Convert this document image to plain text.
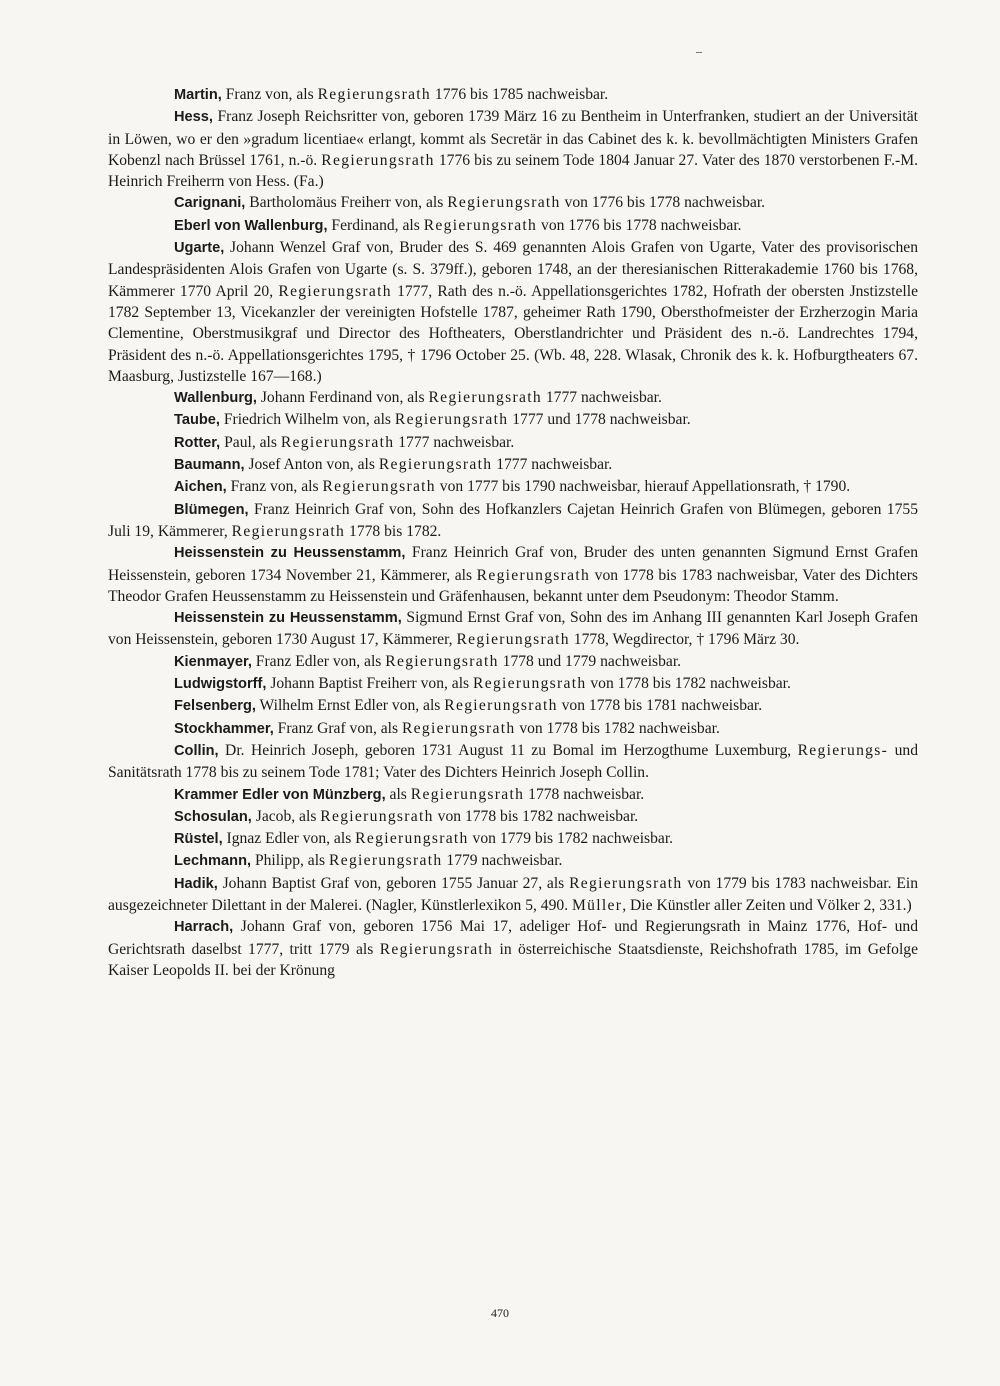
Martin, Franz von, als Regierungsrath 1776 bis 1785 nachweisbar.

Hess, Franz Joseph Reichsritter von, geboren 1739 März 16 zu Bentheim in Unterfranken, studiert an der Universität in Löwen, wo er den »gradum licentiae« erlangt, kommt als Secretär in das Cabinet des k. k. bevollmächtigten Ministers Grafen Kobenzl nach Brüssel 1761, n.-ö. Regierungsrath 1776 bis zu seinem Tode 1804 Januar 27. Vater des 1870 verstorbenen F.-M. Heinrich Freiherrn von Hess. (Fa.)

Carignani, Bartholomäus Freiherr von, als Regierungsrath von 1776 bis 1778 nachweisbar.

Eberl von Wallenburg, Ferdinand, als Regierungsrath von 1776 bis 1778 nachweisbar.

Ugarte, Johann Wenzel Graf von, Bruder des S. 469 genannten Alois Grafen von Ugarte, Vater des provisorischen Landespräsidenten Alois Grafen von Ugarte (s. S. 379ff.), geboren 1748, an der theresianischen Ritterakademie 1760 bis 1768, Kämmerer 1770 April 20, Regierungsrath 1777, Rath des n.-ö. Appellationsgerichtes 1782, Hofrath der obersten Jnstizstelle 1782 September 13, Vicekanzler der vereinigten Hofstelle 1787, geheimer Rath 1790, Obersthofmeister der Erzherzogin Maria Clementine, Oberstmusikgraf und Director des Hoftheaters, Oberstlandrichter und Präsident des n.-ö. Landrechtes 1794, Präsident des n.-ö. Appellationsgerichtes 1795, † 1796 October 25. (Wb. 48, 228. Wlasak, Chronik des k. k. Hofburgtheaters 67. Maasburg, Justizstelle 167—168.)

Wallenburg, Johann Ferdinand von, als Regierungsrath 1777 nachweisbar.

Taube, Friedrich Wilhelm von, als Regierungsrath 1777 und 1778 nachweisbar.

Rotter, Paul, als Regierungsrath 1777 nachweisbar.

Baumann, Josef Anton von, als Regierungsrath 1777 nachweisbar.

Aichen, Franz von, als Regierungsrath von 1777 bis 1790 nachweisbar, hierauf Appellationsrath, † 1790.

Blümegen, Franz Heinrich Graf von, Sohn des Hofkanzlers Cajetan Heinrich Grafen von Blümegen, geboren 1755 Juli 19, Kämmerer, Regierungsrath 1778 bis 1782.

Heissenstein zu Heussenstamm, Franz Heinrich Graf von, Bruder des unten genannten Sigmund Ernst Grafen Heissenstein, geboren 1734 November 21, Kämmerer, als Regierungsrath von 1778 bis 1783 nachweisbar, Vater des Dichters Theodor Grafen Heussenstamm zu Heissenstein und Gräfenhausen, bekannt unter dem Pseudonym: Theodor Stamm.

Heissenstein zu Heussenstamm, Sigmund Ernst Graf von, Sohn des im Anhang III genannten Karl Joseph Grafen von Heissenstein, geboren 1730 August 17, Kämmerer, Regierungsrath 1778, Wegdirector, † 1796 März 30.

Kienmayer, Franz Edler von, als Regierungsrath 1778 und 1779 nachweisbar.

Ludwigstorff, Johann Baptist Freiherr von, als Regierungsrath von 1778 bis 1782 nachweisbar.

Felsenberg, Wilhelm Ernst Edler von, als Regierungsrath von 1778 bis 1781 nachweisbar.

Stockhammer, Franz Graf von, als Regierungsrath von 1778 bis 1782 nachweisbar.

Collin, Dr. Heinrich Joseph, geboren 1731 August 11 zu Bomal im Herzogthume Luxemburg, Regierungs- und Sanitätsrath 1778 bis zu seinem Tode 1781; Vater des Dichters Heinrich Joseph Collin.

Krammer Edler von Münzberg, als Regierungsrath 1778 nachweisbar.

Schosulan, Jacob, als Regierungsrath von 1778 bis 1782 nachweisbar.

Rüstel, Ignaz Edler von, als Regierungsrath von 1779 bis 1782 nachweisbar.

Lechmann, Philipp, als Regierungsrath 1779 nachweisbar.

Hadik, Johann Baptist Graf von, geboren 1755 Januar 27, als Regierungsrath von 1779 bis 1783 nachweisbar. Ein ausgezeichneter Dilettant in der Malerei. (Nagler, Künstlerlexikon 5, 490. Müller, Die Künstler aller Zeiten und Völker 2, 331.)

Harrach, Johann Graf von, geboren 1756 Mai 17, adeliger Hof- und Regierungsrath in Mainz 1776, Hof- und Gerichtsrath daselbst 1777, tritt 1779 als Regierungsrath in österreichische Staatsdienste, Reichshofrath 1785, im Gefolge Kaiser Leopolds II. bei der Krönung

470
